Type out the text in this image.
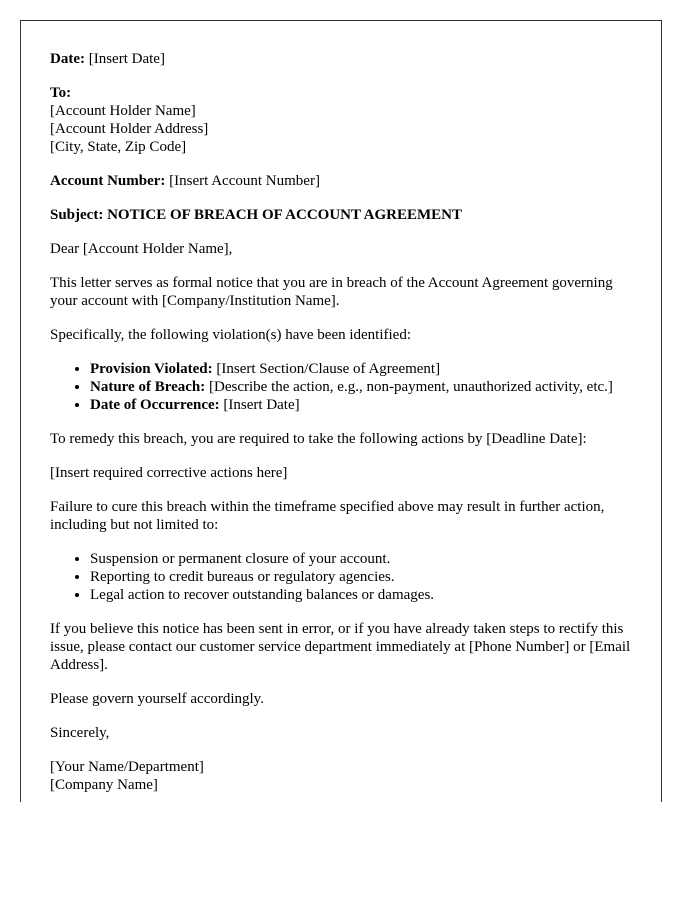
Date: [Insert Date]

To:
[Account Holder Name]
[Account Holder Address]
[City, State, Zip Code]

Account Number: [Insert Account Number]

Subject: NOTICE OF BREACH OF ACCOUNT AGREEMENT

Dear [Account Holder Name],

This letter serves as formal notice that you are in breach of the Account Agreement governing your account with [Company/Institution Name].

Specifically, the following violation(s) have been identified:

• Provision Violated: [Insert Section/Clause of Agreement]
• Nature of Breach: [Describe the action, e.g., non-payment, unauthorized activity, etc.]
• Date of Occurrence: [Insert Date]

To remedy this breach, you are required to take the following actions by [Deadline Date]:

[Insert required corrective actions here]

Failure to cure this breach within the timeframe specified above may result in further action, including but not limited to:

• Suspension or permanent closure of your account.
• Reporting to credit bureaus or regulatory agencies.
• Legal action to recover outstanding balances or damages.

If you believe this notice has been sent in error, or if you have already taken steps to rectify this issue, please contact our customer service department immediately at [Phone Number] or [Email Address].

Please govern yourself accordingly.

Sincerely,

[Your Name/Department]
[Company Name]
